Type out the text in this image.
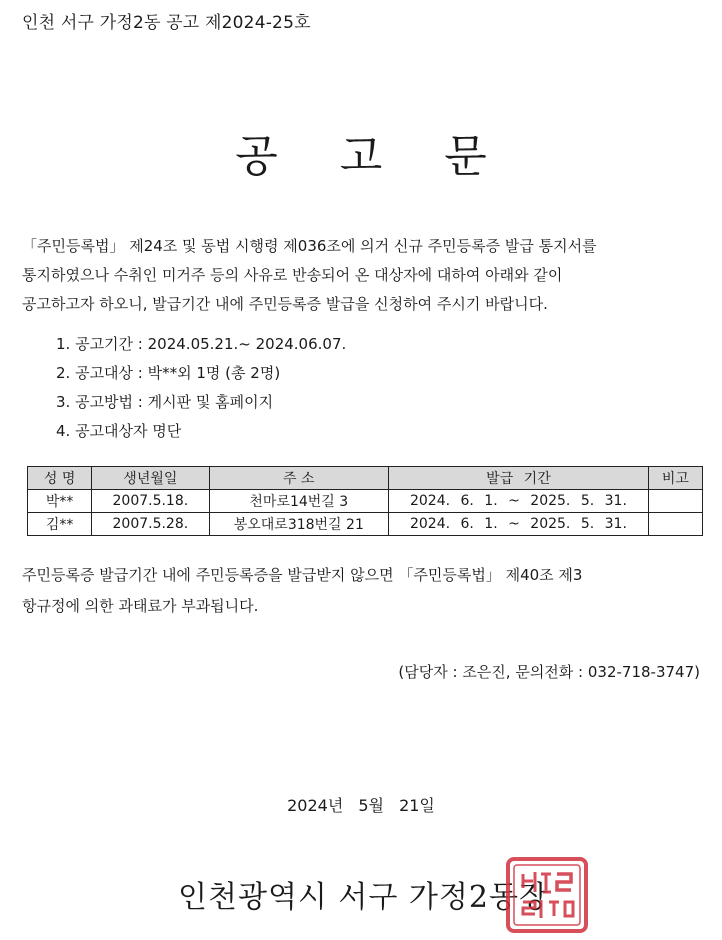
인천 서구 가정2동 공고 제2024-25호
공 고 문

「주민등록법」 제24조 및 동법 시행령 제036조에 의거 신규 주민등록증 발급 통지서를

통지하였으나 수취인 미거주 등의 사유로 반송되어 온 대상자에 대하여 아래와 같이

공고하고자 하오니, 발급기간 내에 주민등록증 발급을 신청하여 주시기 바랍니다.

1. 공고기간 : 2024.05.21.~ 2024.06.07.
2. 공고대상 : 박**외 1명 (총 2명)
3. 공고방법 : 게시판 및 홈페이지
4. 공고대상자 명단
성 명	생년월일	주 소	발급 기간	비고
박**	2007.5.18.	천마로14번길 3	2024. 6. 1. ~ 2025. 5. 31.	
김**	2007.5.28.	봉오대로318번길 21	2024. 6. 1. ~ 2025. 5. 31.	

주민등록증 발급기간 내에 주민등록증을 발급받지 않으면 「주민등록법」 제40조 제3

항규정에 의한 과태료가 부과됩니다.

(담당자 : 조은진, 문의전화 : 032-718-3747)
2024년 5월 21일
인천광역시 서구 가정2동장
